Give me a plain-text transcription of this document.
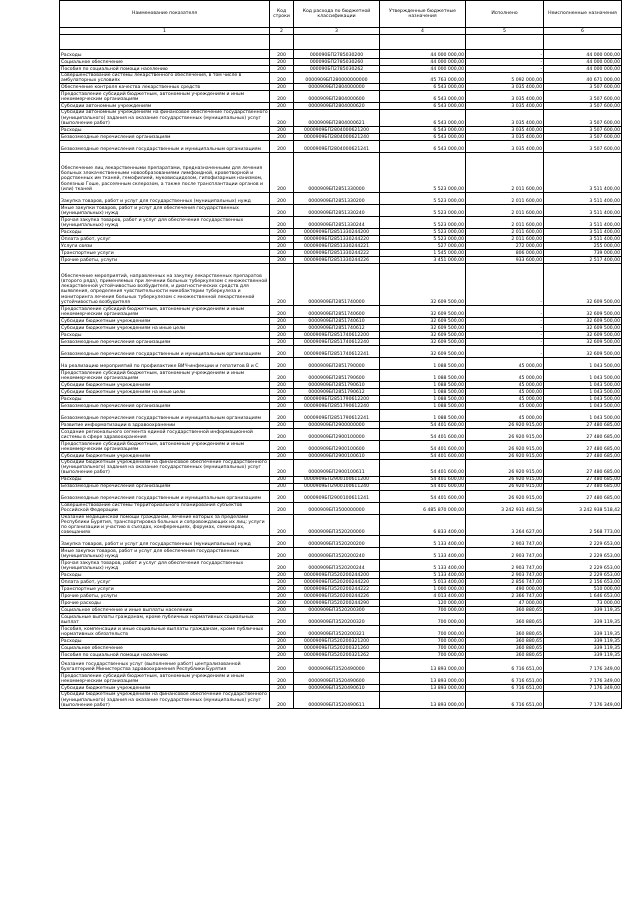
Наименование показателя	Код строки	Код расхода по бюджетной классификации	Утвержденные бюджетные назначения	Исполнено	Неисполненные назначения
1	2	3	4	5	6

Расходы	200	000090БП2785030200	44 000 000,00	-	44 000 000,00
Социальное обеспечение	200	000090БП2785030260	44 000 000,00	-	44 000 000,00
Пособия по социальной помощи населению	200	000090БП2785030262	44 000 000,00	-	44 000 000,00
Совершенствование системы лекарственного обеспечения, в том числе в амбулаторных условиях	200	0000909БП280000000000	45 763 000,00	5 092 000,00	40 671 000,00
Обеспечение контроля качества лекарственных средств	200	0000909БП2804000000	6 543 000,00	3 035 400,00	3 507 600,00
Предоставление субсидий бюджетным, автономным учреждениям и иным некоммерческим организациям	200	0000909БП2804000600	6 543 000,00	3 035 400,00	3 507 600,00
Субсидии автономным учреждениям	200	0000909БП2804000620	6 543 000,00	3 035 400,00	3 507 600,00
Субсидии автономным учреждениям на финансовое обеспечение государственного (муниципального) задания на оказание государственных (муниципальных) услуг (выполнение работ)	200	0000909БП2804000621	6 543 000,00	3 035 400,00	3 507 600,00
Расходы	200	0000909БП2804000621200	6 543 000,00	3 035 400,00	3 507 600,00
Безвозмездные перечисления организациям	200	0000909БП2804000621240	6 543 000,00	3 035 400,00	3 507 600,00
Безвозмездные перечисления государственным и муниципальным организациям	200	0000909БП2804000621241	6 543 000,00	3 035 400,00	3 507 600,00
Обеспечение лиц лекарственными препаратами, предназначенными для лечения больных злокачественными новообразованиями лимфоидной, кроветворной и родственных им тканей, гемофилией, муковисцидозом, гипофизарным нанизмом, болезнью Гоше, рассеянным склерозом, а также после трансплантации органов и (или) тканей	200	0000909БП2851330000	5 523 000,00	2 011 600,00	3 511 400,00
Закупка товаров, работ и услуг для государственных (муниципальных) нужд	200	0000909БП2851330200	5 523 000,00	2 011 600,00	3 511 400,00
Иные закупки товаров, работ и услуг для обеспечения государственных (муниципальных) нужд	200	0000909БП2851330240	5 523 000,00	2 011 600,00	3 511 400,00
Прочая закупка товаров, работ и услуг для обеспечения государственных (муниципальных) нужд	200	0000909БП2851330244	5 523 000,00	2 011 600,00	3 511 400,00
Расходы	200	0000909БП2851330244200	5 523 000,00	2 011 600,00	3 511 400,00
Оплата работ, услуг	200	0000909БП2851330244220	5 523 000,00	2 011 600,00	3 511 400,00
Услуги связи	200	0000909БП2851330244221	527 000,00	272 000,00	255 000,00
Транспортные услуги	200	0000909БП2851330244222	1 545 000,00	806 000,00	739 000,00
Прочие работы, услуги	200	0000909БП2851330244226	3 451 000,00	933 600,00	2 517 400,00
Обеспечение мероприятий, направленных на закупку лекарственных препаратов (второго ряда), применяемых при лечении больных туберкулезом с множественной лекарственной устойчивостью возбудителя, и диагностических средств для выявления, определения чувствительности микобактерии туберкулеза и мониторинга лечения больных туберкулезом с множественной лекарственной устойчивостью возбудителя	200	0000909БП2851740000	32 609 500,00	-	32 609 500,00
Предоставление субсидий бюджетным, автономным учреждениям и иным некоммерческим организациям	200	0000909БП2851740600	32 609 500,00	-	32 609 500,00
Субсидии бюджетным учреждениям	200	0000909БП2851740610	32 609 500,00	-	32 609 500,00
Субсидии бюджетным учреждениям на иные цели	200	0000909БП2851740612	32 609 500,00	-	32 609 500,00
Расходы	200	0000909БП2851740612200	32 609 500,00	-	32 609 500,00
Безвозмездные перечисления организациям	200	0000909БП2851740612240	32 609 500,00	-	32 609 500,00
Безвозмездные перечисления государственным и муниципальным организациям	200	0000909БП2851740612241	32 609 500,00	-	32 609 500,00
На реализацию мероприятий по профилактике ВИЧ-инфекции и гепатитов B и C	200	0000909БП2851790000	1 088 500,00	45 000,00	1 043 500,00
Предоставление субсидий бюджетным, автономным учреждениям и иным некоммерческим организациям	200	0000909БП2851790600	1 088 500,00	45 000,00	1 043 500,00
Субсидии бюджетным учреждениям	200	0000909БП2851790610	1 088 500,00	45 000,00	1 043 500,00
Субсидии бюджетным учреждениям на иные цели	200	0000909БП2851790612	1 088 500,00	45 000,00	1 043 500,00
Расходы	200	0000909БП2851790612200	1 088 500,00	45 000,00	1 043 500,00
Безвозмездные перечисления организациям	200	0000909БП2851790612240	1 088 500,00	45 000,00	1 043 500,00
Безвозмездные перечисления государственным и муниципальным организациям	200	0000909БП2851790612241	1 088 500,00	45 000,00	1 043 500,00
Развитие информатизации в здравоохранении	200	0000909БП2900000000	54 401 600,00	26 920 915,00	27 480 685,00
Создание регионального сегмента единой государственной информационной системы в сфере здравоохранения	200	0000909БП2900100000	54 401 600,00	26 920 915,00	27 480 685,00
Предоставление субсидий бюджетным, автономным учреждениям и иным некоммерческим организациям	200	0000909БП2900100600	54 401 600,00	26 920 915,00	27 480 685,00
Субсидии бюджетным учреждениям	200	0000909БП2900100610	54 401 600,00	26 920 915,00	27 480 685,00
Субсидии бюджетным учреждениям на финансовое обеспечение государственного (муниципального) задания на оказание государственных (муниципальных) услуг (выполнение работ)	200	0000909БП2900100611	54 401 600,00	26 920 915,00	27 480 685,00
Расходы	200	0000909БП2900100611200	54 401 600,00	26 920 915,00	27 480 685,00
Безвозмездные перечисления организациям	200	0000909БП2900100611240	54 401 600,00	26 920 915,00	27 480 685,00
Безвозмездные перечисления государственным и муниципальным организациям	200	0000909БП2900100611241	54 401 600,00	26 920 915,00	27 480 685,00
Совершенствование системы территориального планирования субъектов Российской Федерации	200	0000909БП3500000000	6 485 870 000,00	3 242 931 481,58	3 242 938 518,42
Оказание медицинской помощи гражданам, лечение которых за пределами Республики Бурятия, транспортировка больных и сопровождающих их лиц; услуги по организации и участию в съездах, конференциях, форумах, семинарах, совещаниях	200	0000909БП3520200000	6 833 400,00	3 264 627,00	2 568 773,00
Закупка товаров, работ и услуг для государственных (муниципальных) нужд	200	0000909БП3520200200	5 133 400,00	2 903 747,00	2 229 653,00
Иные закупки товаров, работ и услуг для обеспечения государственных (муниципальных) нужд	200	0000909БП3520200240	5 133 400,00	2 903 747,00	2 229 653,00
Прочая закупка товаров, работ и услуг для обеспечения государственных (муниципальных) нужд	200	0000909БП3520200244	5 133 400,00	2 903 747,00	2 229 653,00
Расходы	200	0000909БП3520200244200	5 133 400,00	2 903 747,00	2 229 653,00
Оплата работ, услуг	200	0000909БП3520200244220	5 013 400,00	2 856 747,00	2 156 653,00
Транспортные услуги	200	0000909БП3520200244222	1 000 000,00	490 000,00	510 000,00
Прочие работы, услуги	200	0000909БП3520200244226	4 013 400,00	2 366 747,00	1 646 653,00
Прочие расходы	200	0000909БП3520200244290	120 000,00	47 000,00	73 000,00
Социальное обеспечение и иные выплаты населению	200	0000909БП3520200300	700 000,00	360 880,65	339 119,35
Социальные выплаты гражданам, кроме публичных нормативных социальных выплат	200	0000909БП3520200320	700 000,00	360 880,65	339 119,35
Пособия, компенсации и иные социальные выплаты гражданам, кроме публичных нормативных обязательств	200	0000909БП3520200321	700 000,00	360 880,65	339 119,35
Расходы	200	0000909БП3520200321200	700 000,00	360 880,65	339 119,35
Социальное обеспечение	200	0000909БП3520200321260	700 000,00	360 880,65	339 119,35
Пособия по социальной помощи населению	200	0000909БП3520200321262	700 000,00	360 880,65	339 119,35
Оказание государственных услуг (выполнение работ) централизованной бухгалтерией Министерства здравоохранения Республики Бурятия	200	0000909БП3520490000	13 893 000,00	6 716 651,00	7 176 349,00
Предоставление субсидий бюджетным, автономным учреждениям и иным некоммерческим организациям	200	0000909БП3520490600	13 893 000,00	6 716 651,00	7 176 349,00
Субсидии бюджетным учреждениям	200	0000909БП3520490610	13 893 000,00	6 716 651,00	7 176 349,00
Субсидии бюджетным учреждениям на финансовое обеспечение государственного (муниципального) задания на оказание государственных (муниципальных) услуг (выполнение работ)	200	0000909БП3520490611	13 893 000,00	6 716 651,00	7 176 349,00
